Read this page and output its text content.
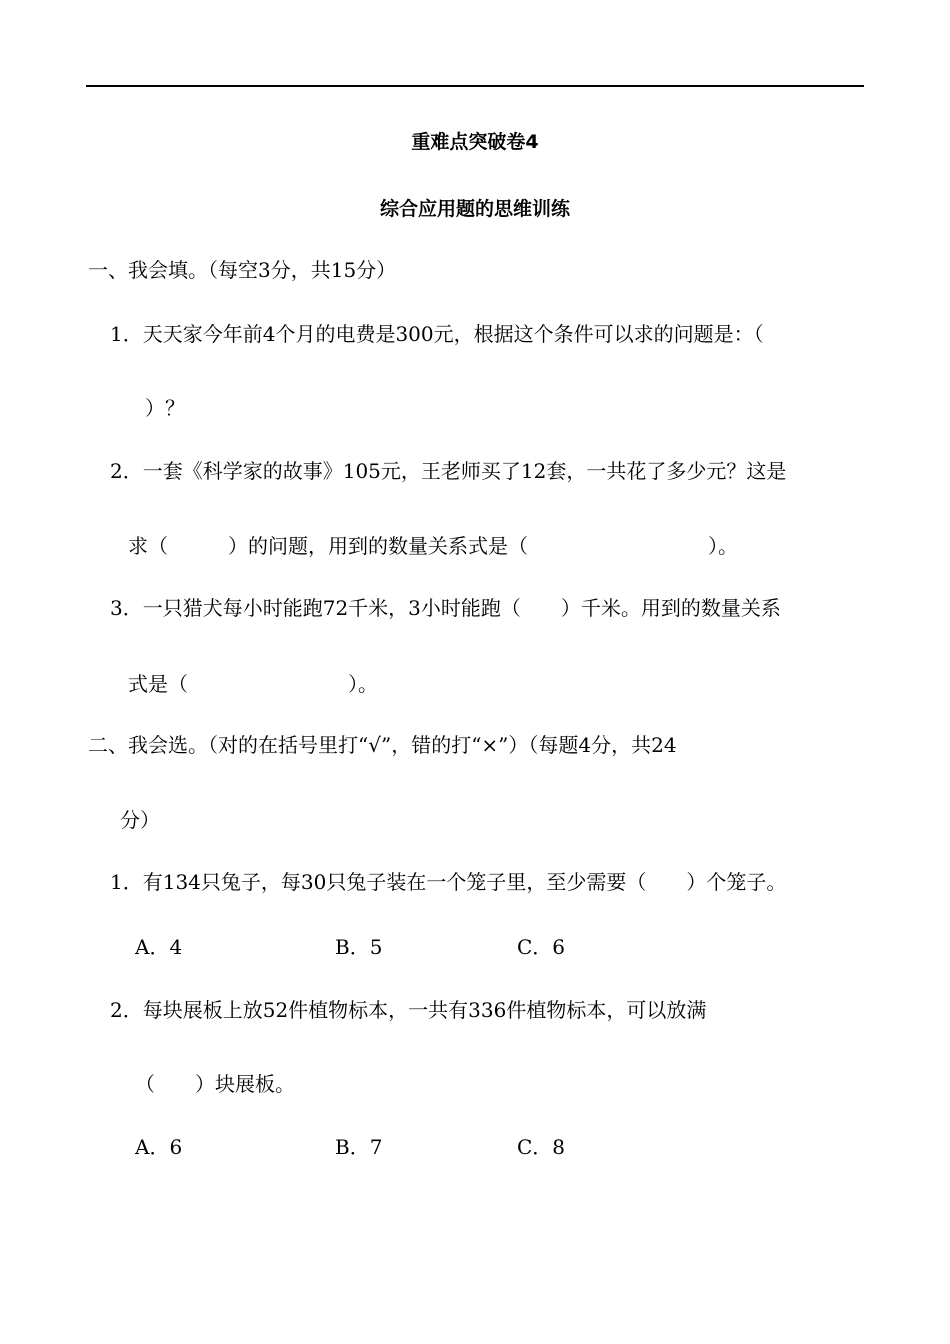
重难点突破卷4
综合应用题的思维训练
一、我会填。（每空3分，共15分）
1．天天家今年前4个月的电费是300元，根据这个条件可以求的问题是：（
）？
2．一套《科学家的故事》105元，王老师买了12套，一共花了多少元？这是
求（　　　）的问题，用到的数量关系式是（　　　　　　　　　）。
3．一只猎犬每小时能跑72千米，3小时能跑（　　）千米。用到的数量关系
式是（　　　　　　　　）。
二、我会选。（对的在括号里打“√”，错的打“×”）（每题4分，共24
分）
1．有134只兔子，每30只兔子装在一个笼子里，至少需要（　　）个笼子。
A．4	B．5	C．6
2．每块展板上放52件植物标本，一共有336件植物标本，可以放满
（　　）块展板。
A．6	B．7	C．8
